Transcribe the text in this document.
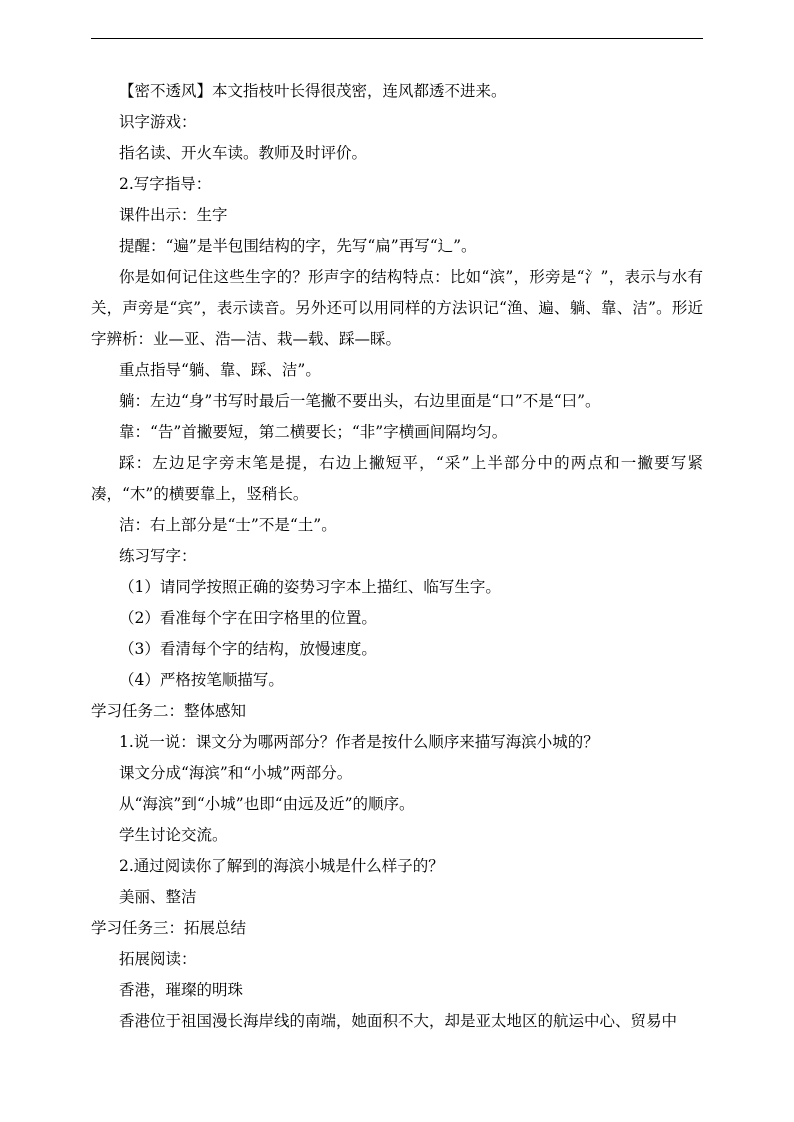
【密不透风】本文指枝叶长得很茂密，连风都透不进来。
识字游戏：
指名读、开火车读。教师及时评价。
2.写字指导：
课件出示：生字
提醒：“遍”是半包围结构的字，先写“扁”再写“辶”。
你是如何记住这些生字的？形声字的结构特点：比如“滨”，形旁是“氵”，表示与水有关，声旁是“宾”，表示读音。另外还可以用同样的方法识记“渔、遍、躺、靠、洁”。形近字辨析：业—亚、浩—洁、栽—载、踩—睬。
重点指导“躺、靠、踩、洁”。
躺：左边“身”书写时最后一笔撇不要出头，右边里面是“口”不是“曰”。
靠：“告”首撇要短，第二横要长；“非”字横画间隔均匀。
踩：左边足字旁末笔是提，右边上撇短平，“采”上半部分中的两点和一撇要写紧凑，“木”的横要靠上，竖稍长。
洁：右上部分是“士”不是“土”。
练习写字：
（1）请同学按照正确的姿势习字本上描红、临写生字。
（2）看准每个字在田字格里的位置。
（3）看清每个字的结构，放慢速度。
（4）严格按笔顺描写。
学习任务二：整体感知
1.说一说：课文分为哪两部分？作者是按什么顺序来描写海滨小城的？
课文分成“海滨”和“小城”两部分。
从“海滨”到“小城”也即“由远及近”的顺序。
学生讨论交流。
2.通过阅读你了解到的海滨小城是什么样子的？
美丽、整洁
学习任务三：拓展总结
拓展阅读：
香港，璀璨的明珠
香港位于祖国漫长海岸线的南端，她面积不大，却是亚太地区的航运中心、贸易中
